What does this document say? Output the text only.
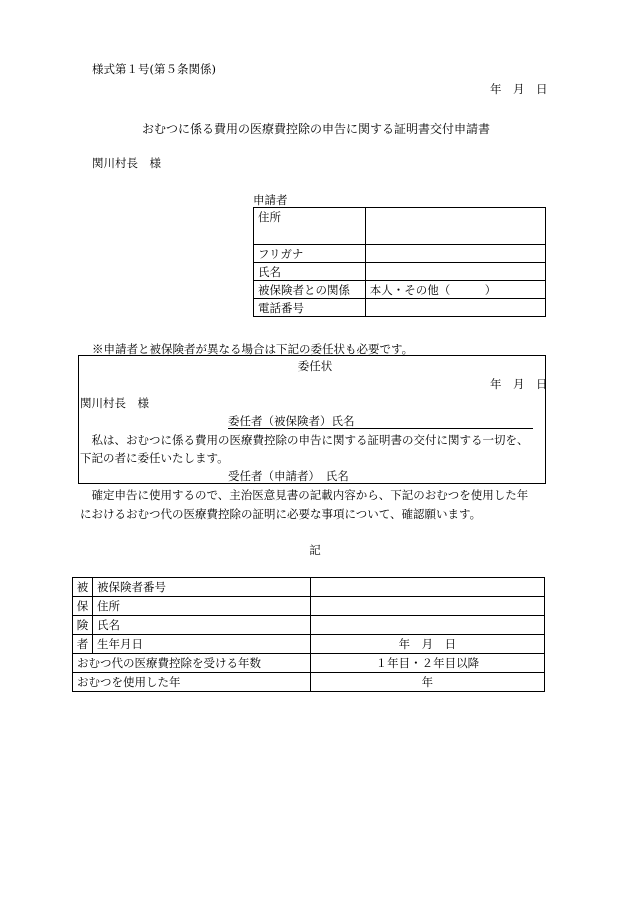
様式第１号(第５条関係)
年　月　日
おむつに係る費用の医療費控除の申告に関する証明書交付申請書
関川村長　様
申請者
住所	
フリガナ	
氏名	
被保険者との関係	本人・その他（　　　）
電話番号	
※申請者と被保険者が異なる場合は下記の委任状も必要です。
委任状
年　月　日
関川村長　様
委任者（被保険者）氏名
　私は、おむつに係る費用の医療費控除の申告に関する証明書の交付に関する一切を、
下記の者に委任いたします。
受任者（申請者）　氏名
　確定申告に使用するので、主治医意見書の記載内容から、下記のおむつを使用した年
におけるおむつ代の医療費控除の証明に必要な事項について、確認願います。
記
被	被保険者番号	
保	住所	
険	氏名	
者	生年月日	年　月　日
おむつ代の医療費控除を受ける年数		１年目・２年目以降
おむつを使用した年		年
